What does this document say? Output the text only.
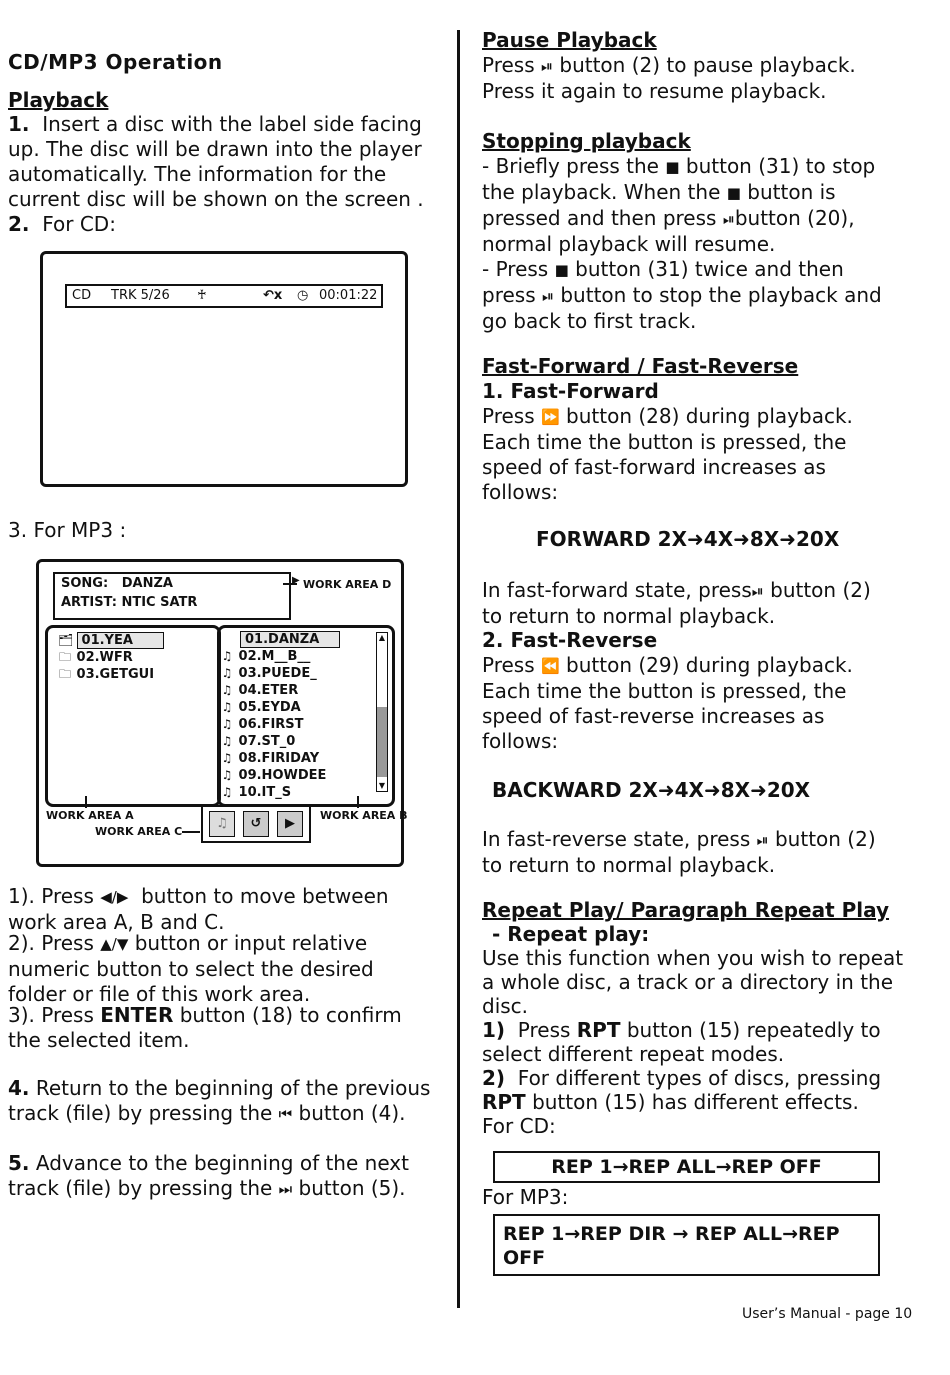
CD/MP3 Operation
Playback
1. Insert a disc with the label side facing
up. The disc will be drawn into the player
automatically. The information for the
current disc will be shown on the screen .
2. For CD:
CD TRK 5/26 ♰	↶x ◷ 00:01:22
3. For MP3 :
SONG: DANZA
ARTIST: NTIC SATR
▶ WORK AREA D
🗂 01.YEA
🗀 02.WFR
🗀 03.GETGUI
01.DANZA
♫ 02.M__B__
♫ 03.PUEDE_
♫ 04.ETER
♫ 05.EYDA
♫ 06.FIRST
♫ 07.ST_0
♫ 08.FIRIDAY
♫ 09.HOWDEE
♫ 10.IT_S
▲
▼
WORK AREA A	WORK AREA B
WORK AREA C
♫	↺	▶
1). Press ◀/▶ button to move between
work area A, B and C.
2). Press ▲/▼ button or input relative
numeric button to select the desired
folder or file of this work area.
3). Press ENTER button (18) to confirm
the selected item.
4. Return to the beginning of the previous
track (file) by pressing the ⏮ button (4).
5. Advance to the beginning of the next
track (file) by pressing the ⏭ button (5).
Pause Playback
Press ⏯ button (2) to pause playback.
Press it again to resume playback.
Stopping playback
- Briefly press the ■ button (31) to stop
the playback. When the ■ button is
pressed and then press ⏯button (20),
normal playback will resume.
- Press ■ button (31) twice and then
press ⏯ button to stop the playback and
go back to first track.
Fast-Forward / Fast-Reverse
1. Fast-Forward
Press ⏩ button (28) during playback.
Each time the button is pressed, the
speed of fast-forward increases as
follows:
FORWARD 2X➜4X➜8X➜20X
In fast-forward state, press⏯ button (2)
to return to normal playback.
2. Fast-Reverse
Press ⏪ button (29) during playback.
Each time the button is pressed, the
speed of fast-reverse increases as
follows:
BACKWARD 2X➜4X➜8X➜20X
In fast-reverse state, press ⏯ button (2)
to return to normal playback.
Repeat Play/ Paragraph Repeat Play
- Repeat play:
Use this function when you wish to repeat
a whole disc, a track or a directory in the
disc.
1) Press RPT button (15) repeatedly to
select different repeat modes.
2) For different types of discs, pressing
RPT button (15) has different effects.
For CD:
REP 1→REP ALL→REP OFF
For MP3:
REP 1→REP DIR → REP ALL→REP
OFF
User’s Manual - page 10
